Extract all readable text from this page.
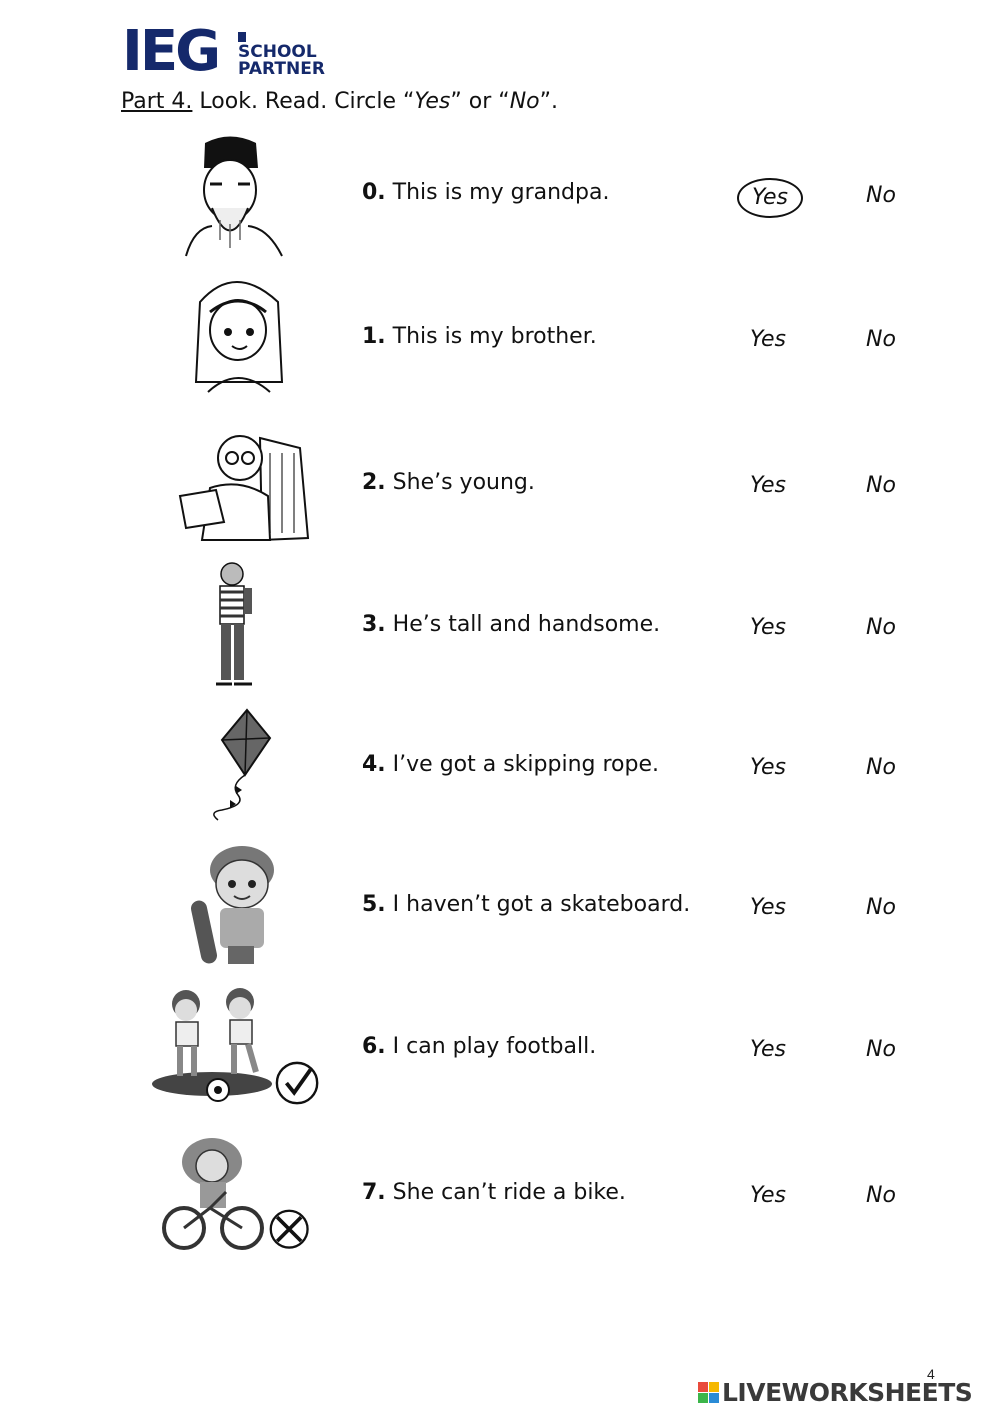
IEG SCHOOL
PARTNER
Part 4. Look. Read. Circle “Yes” or “No”.
0. This is my grandpa.	Yes	No
1. This is my brother.	Yes	No
2. She’s young.	Yes	No
3. He’s tall and handsome.	Yes	No
4. I’ve got a skipping rope.	Yes	No
5. I haven’t got a skateboard.	Yes	No
6. I can play football.	Yes	No
7. She can’t ride a bike.	Yes	No
4
LIVEWORKSHEETS
